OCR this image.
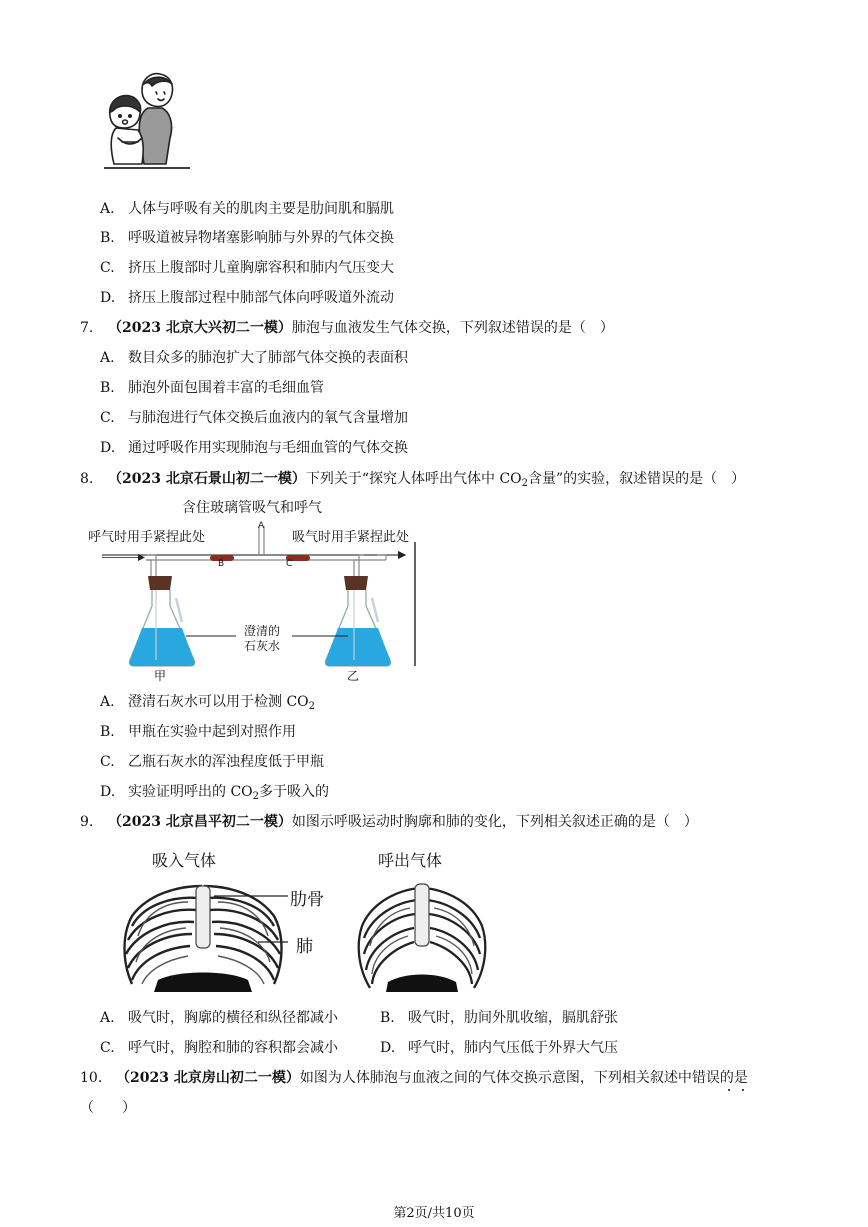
A. 人体与呼吸有关的肌肉主要是肋间肌和膈肌
B. 呼吸道被异物堵塞影响肺与外界的气体交换
C. 挤压上腹部时儿童胸廓容积和肺内气压变大
D. 挤压上腹部过程中肺部气体向呼吸道外流动
7. （2023 北京大兴初二一模）肺泡与血液发生气体交换，下列叙述错误的是（　）
A. 数目众多的肺泡扩大了肺部气体交换的表面积
B. 肺泡外面包围着丰富的毛细血管
C. 与肺泡进行气体交换后血液内的氧气含量增加
D. 通过呼吸作用实现肺泡与毛细血管的气体交换
8. （2023 北京石景山初二一模）下列关于“探究人体呼出气体中 $CO_2$含量”的实验，叙述错误的是（　）
含住玻璃管吸气和呼气
A
呼气时用手紧捏此处	吸气时用手紧捏此处
B	C
澄清的
石灰水
甲	乙
A. 澄清石灰水可以用于检测 $CO_2$
B. 甲瓶在实验中起到对照作用
C. 乙瓶石灰水的浑浊程度低于甲瓶
D. 实验证明呼出的 $CO_2$多于吸入的
9. （2023 北京昌平初二一模）如图示呼吸运动时胸廓和肺的变化，下列相关叙述正确的是（　）
吸入气体	呼出气体
肋骨
肺
A. 吸气时，胸廓的横径和纵径都减小	B. 吸气时，肋间外肌收缩，膈肌舒张
C. 呼气时，胸腔和肺的容积都会减小	D. 呼气时，肺内气压低于外界大气压
10. （2023 北京房山初二一模）如图为人体肺泡与血液之间的气体交换示意图，下列相关叙述中错误的是
（　　）
第2页/共10页
